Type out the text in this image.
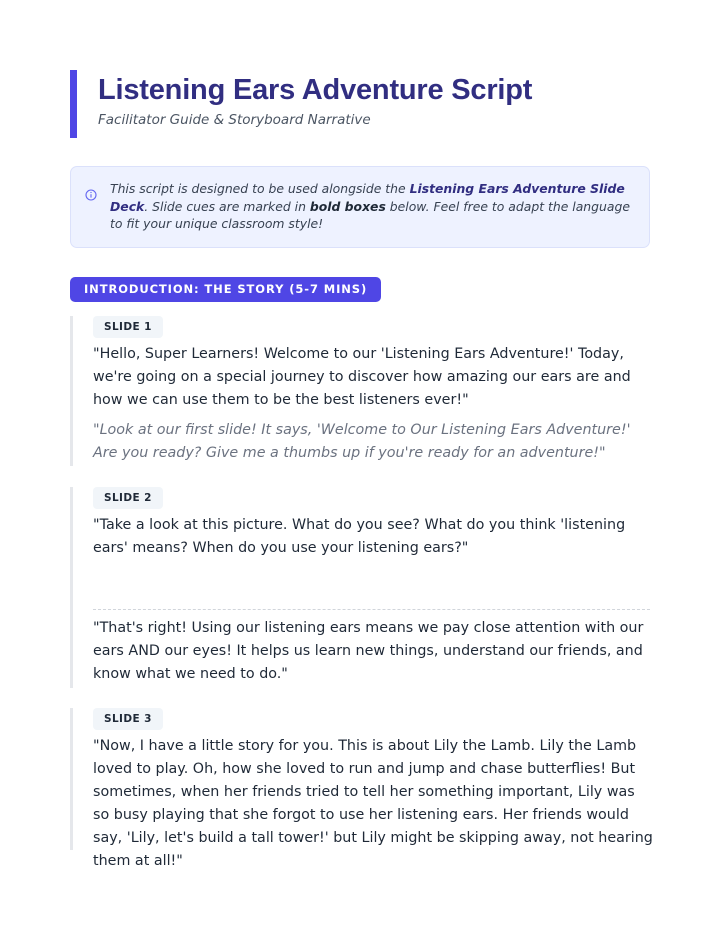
Listening Ears Adventure Script

Facilitator Guide & Storyboard Narrative

This script is designed to be used alongside the Listening Ears Adventure Slide Deck. Slide cues are marked in bold boxes below. Feel free to adapt the language to fit your unique classroom style!

INTRODUCTION: THE STORY (5-7 MINS)
SLIDE 1

"Hello, Super Learners! Welcome to our 'Listening Ears Adventure!' Today, we're going on a special journey to discover how amazing our ears are and how we can use them to be the best listeners ever!"

"Look at our first slide! It says, 'Welcome to Our Listening Ears Adventure!' Are you ready? Give me a thumbs up if you're ready for an adventure!"

SLIDE 2

"Take a look at this picture. What do you see? What do you think 'listening ears' means? When do you use your listening ears?"

"That's right! Using our listening ears means we pay close attention with our ears AND our eyes! It helps us learn new things, understand our friends, and know what we need to do."

SLIDE 3

"Now, I have a little story for you. This is about Lily the Lamb. Lily the Lamb loved to play. Oh, how she loved to run and jump and chase butterflies! But sometimes, when her friends tried to tell her something important, Lily was so busy playing that she forgot to use her listening ears. Her friends would say, 'Lily, let's build a tall tower!' but Lily might be skipping away, not hearing them at all!"
